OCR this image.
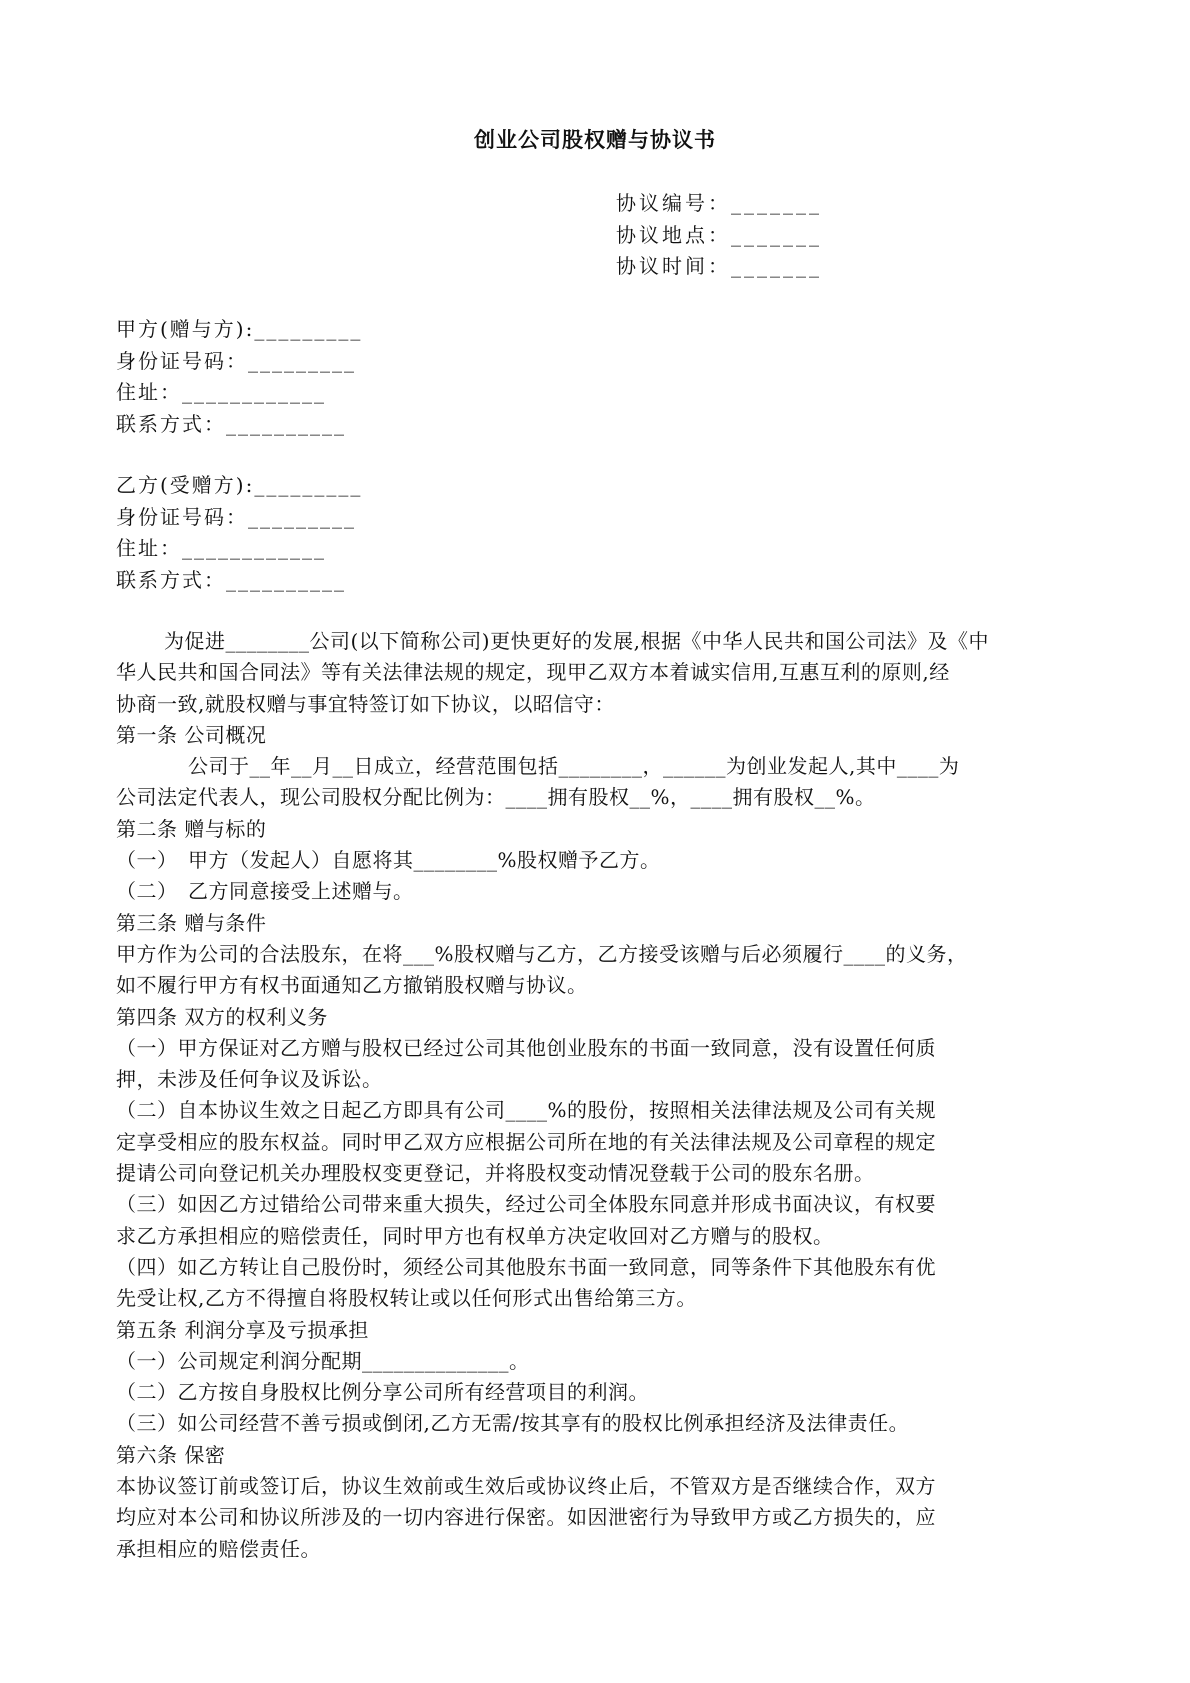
创业公司股权赠与协议书
协议编号：_______
协议地点：_______
协议时间：_______
甲方(赠与方):_________
身份证号码：_________
住址：____________
联系方式：__________
乙方(受赠方):_________
身份证号码：_________
住址：____________
联系方式：__________

为促进________公司(以下简称公司)更快更好的发展,根据《中华人民共和国公司法》及《中

华人民共和国合同法》等有关法律法规的规定，现甲乙双方本着诚实信用,互惠互利的原则,经

协商一致,就股权赠与事宜特签订如下协议，以昭信守：

第一条 公司概况

公司于__年__月__日成立，经营范围包括________，______为创业发起人,其中____为

公司法定代表人，现公司股权分配比例为：____拥有股权__%，____拥有股权__%。

第二条 赠与标的

（一）　甲方（发起人）自愿将其________%股权赠予乙方。

（二）　乙方同意接受上述赠与。

第三条 赠与条件

甲方作为公司的合法股东，在将___%股权赠与乙方，乙方接受该赠与后必须履行____的义务，

如不履行甲方有权书面通知乙方撤销股权赠与协议。

第四条 双方的权利义务

（一）甲方保证对乙方赠与股权已经过公司其他创业股东的书面一致同意，没有设置任何质

押，未涉及任何争议及诉讼。

（二）自本协议生效之日起乙方即具有公司____%的股份，按照相关法律法规及公司有关规

定享受相应的股东权益。同时甲乙双方应根据公司所在地的有关法律法规及公司章程的规定

提请公司向登记机关办理股权变更登记，并将股权变动情况登载于公司的股东名册。

（三）如因乙方过错给公司带来重大损失，经过公司全体股东同意并形成书面决议，有权要

求乙方承担相应的赔偿责任，同时甲方也有权单方决定收回对乙方赠与的股权。

（四）如乙方转让自己股份时，须经公司其他股东书面一致同意，同等条件下其他股东有优

先受让权,乙方不得擅自将股权转让或以任何形式出售给第三方。

第五条 利润分享及亏损承担

（一）公司规定利润分配期______________。

（二）乙方按自身股权比例分享公司所有经营项目的利润。

（三）如公司经营不善亏损或倒闭,乙方无需/按其享有的股权比例承担经济及法律责任。

第六条 保密

本协议签订前或签订后，协议生效前或生效后或协议终止后，不管双方是否继续合作，双方

均应对本公司和协议所涉及的一切内容进行保密。如因泄密行为导致甲方或乙方损失的，应

承担相应的赔偿责任。
